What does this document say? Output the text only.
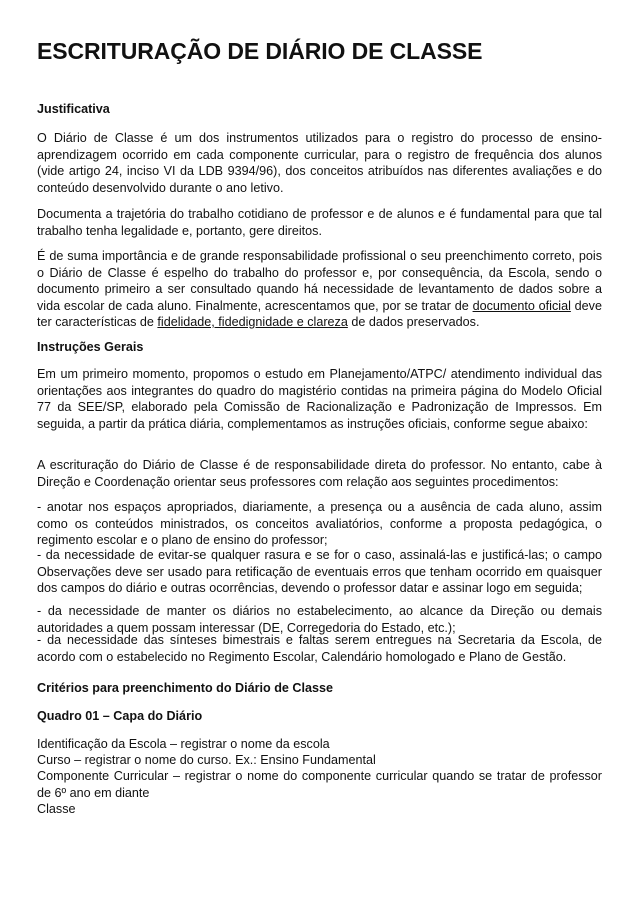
ESCRITURAÇÃO DE DIÁRIO DE CLASSE

Justificativa

O Diário de Classe é um dos instrumentos utilizados para o registro do processo de ensino-aprendizagem ocorrido em cada componente curricular, para o registro de frequência dos alunos (vide artigo 24, inciso VI da LDB 9394/96), dos conceitos atribuídos nas diferentes avaliações e do conteúdo desenvolvido durante o ano letivo.

Documenta a trajetória do trabalho cotidiano de professor e de alunos e é fundamental para que tal trabalho tenha legalidade e, portanto, gere direitos.

É de suma importância e de grande responsabilidade profissional o seu preenchimento correto, pois o Diário de Classe é espelho do trabalho do professor e, por consequência, da Escola, sendo o documento primeiro a ser consultado quando há necessidade de levantamento de dados sobre a vida escolar de cada aluno. Finalmente, acrescentamos que, por se tratar de documento oficial deve ter características de fidelidade, fidedignidade e clareza de dados preservados.

Instruções Gerais

Em um primeiro momento, propomos o estudo em Planejamento/ATPC/ atendimento individual das orientações aos integrantes do quadro do magistério contidas na primeira página do Modelo Oficial 77 da SEE/SP, elaborado pela Comissão de Racionalização e Padronização de Impressos. Em seguida, a partir da prática diária, complementamos as instruções oficiais, conforme segue abaixo:

A escrituração do Diário de Classe é de responsabilidade direta do professor. No entanto, cabe à Direção e Coordenação orientar seus professores com relação aos seguintes procedimentos:

- anotar nos espaços apropriados, diariamente, a presença ou a ausência de cada aluno, assim como os conteúdos ministrados, os conceitos avaliatórios, conforme a proposta pedagógica, o regimento escolar e o plano de ensino do professor;

- da necessidade de evitar-se qualquer rasura e se for o caso, assinalá-las e justificá-las; o campo Observações deve ser usado para retificação de eventuais erros que tenham ocorrido em quaisquer dos campos do diário e outras ocorrências, devendo o professor datar e assinar logo em seguida;

- da necessidade de manter os diários no estabelecimento, ao alcance da Direção ou demais autoridades a quem possam interessar (DE, Corregedoria do Estado, etc.);

- da necessidade das sínteses bimestrais e faltas serem entregues na Secretaria da Escola, de acordo com o estabelecido no Regimento Escolar, Calendário homologado e Plano de Gestão.

Critérios para preenchimento do Diário de Classe

Quadro 01 – Capa do Diário

Identificação da Escola – registrar o nome da escola

Curso – registrar o nome do curso. Ex.: Ensino Fundamental

Componente Curricular – registrar o nome do componente curricular quando se tratar de professor de 6º ano em diante

Classe
